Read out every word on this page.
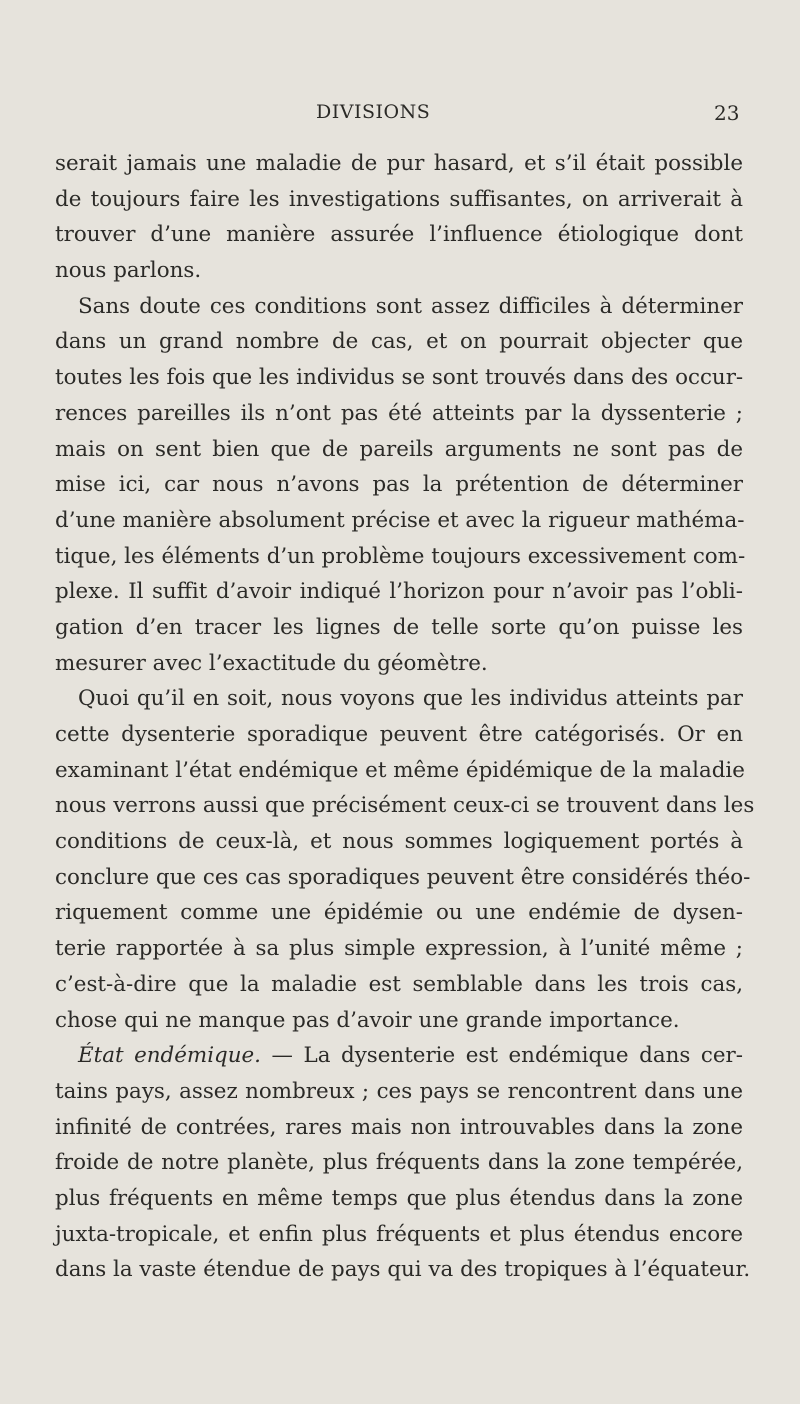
DIVISIONS	23
serait jamais une maladie de pur hasard, et s’il était possible
de toujours faire les investigations suffisantes, on arriverait à
trouver d’une manière assurée l’influence étiologique dont
nous parlons.
Sans doute ces conditions sont assez difficiles à déterminer
dans un grand nombre de cas, et on pourrait objecter que
toutes les fois que les individus se sont trouvés dans des occur-
rences pareilles ils n’ont pas été atteints par la dyssenterie ;
mais on sent bien que de pareils arguments ne sont pas de
mise ici, car nous n’avons pas la prétention de déterminer
d’une manière absolument précise et avec la rigueur mathéma-
tique, les éléments d’un problème toujours excessivement com-
plexe. Il suffit d’avoir indiqué l’horizon pour n’avoir pas l’obli-
gation d’en tracer les lignes de telle sorte qu’on puisse les
mesurer avec l’exactitude du géomètre.
Quoi qu’il en soit, nous voyons que les individus atteints par
cette dysenterie sporadique peuvent être catégorisés. Or en
examinant l’état endémique et même épidémique de la maladie
nous verrons aussi que précisément ceux-ci se trouvent dans les
conditions de ceux-là, et nous sommes logiquement portés à
conclure que ces cas sporadiques peuvent être considérés théo-
riquement comme une épidémie ou une endémie de dysen-
terie rapportée à sa plus simple expression, à l’unité même ;
c’est-à-dire que la maladie est semblable dans les trois cas,
chose qui ne manque pas d’avoir une grande importance.
État endémique. — La dysenterie est endémique dans cer-
tains pays, assez nombreux ; ces pays se rencontrent dans une
infinité de contrées, rares mais non introuvables dans la zone
froide de notre planète, plus fréquents dans la zone tempérée,
plus fréquents en même temps que plus étendus dans la zone
juxta-tropicale, et enfin plus fréquents et plus étendus encore
dans la vaste étendue de pays qui va des tropiques à l’équateur.
